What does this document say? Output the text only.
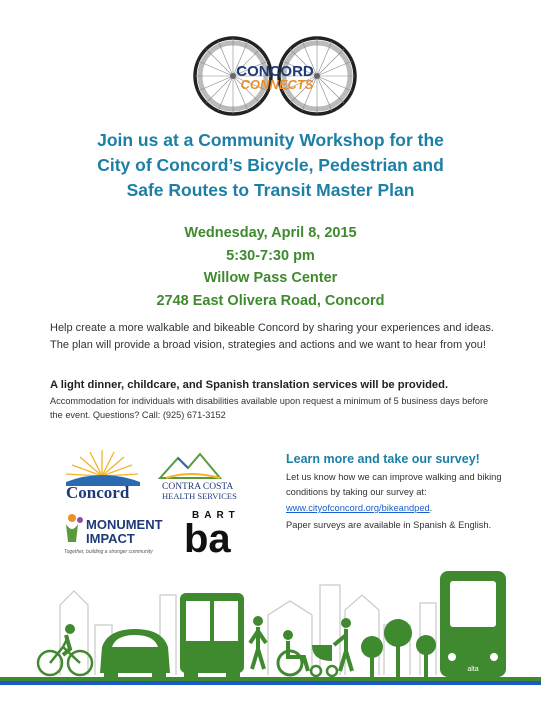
CONCORD
CONNECTS
Join us at a Community Workshop for the
City of Concord’s Bicycle, Pedestrian and
Safe Routes to Transit Master Plan
Wednesday, April 8, 2015
5:30-7:30 pm
Willow Pass Center
2748 East Olivera Road, Concord
Help create a more walkable and bikeable Concord by sharing your experiences and ideas. The plan will provide a broad vision, strategies and actions and we want to hear from you!
A light dinner, childcare, and Spanish translation services will be provided.
Accommodation for individuals with disabilities available upon request a minimum of 5 business days before the event. Questions? Call: (925) 671-3152
Concord	CONTRA COSTA
HEALTH SERVICES
MONUMENT
IMPACT
Together, building a stronger community
BART
ba
Learn more and take our survey!
Let us know how we can improve walking and biking conditions by taking our survey at:
www.cityofconcord.org/bikeandped.
Paper surveys are available in Spanish & English.
alta
